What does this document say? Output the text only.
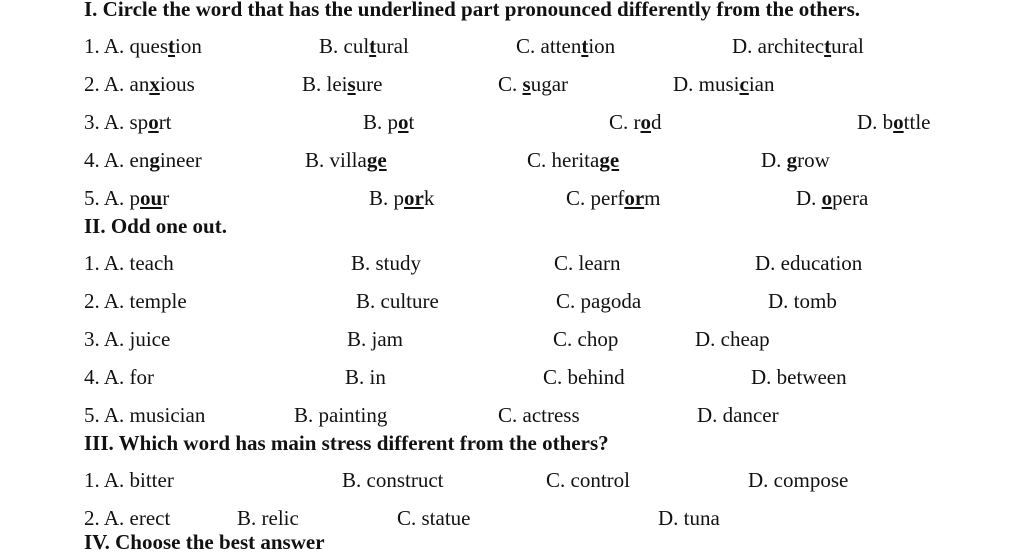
I. Circle the word that has the underlined part pronounced differently from the others.
1. A. question	B. cultural	C. attention	D. architectural
2. A. anxious	B. leisure	C. sugar	D. musician
3. A. sport	B. pot	C. rod	D. bottle
4. A. engineer	B. village	C. heritage	D. grow
5. A. pour	B. pork	C. perform	D. opera
II. Odd one out.
1. A. teach	B. study	C. learn	D. education
2. A. temple	B. culture	C. pagoda	D. tomb
3. A. juice	B. jam	C. chop	D. cheap
4. A. for	B. in	C. behind	D. between
5. A. musician	B. painting	C. actress	D. dancer
III. Which word has main stress different from the others?
1. A. bitter	B. construct	C. control	D. compose
2. A. erect	B. relic	C. statue	D. tuna
IV. Choose the best answer
